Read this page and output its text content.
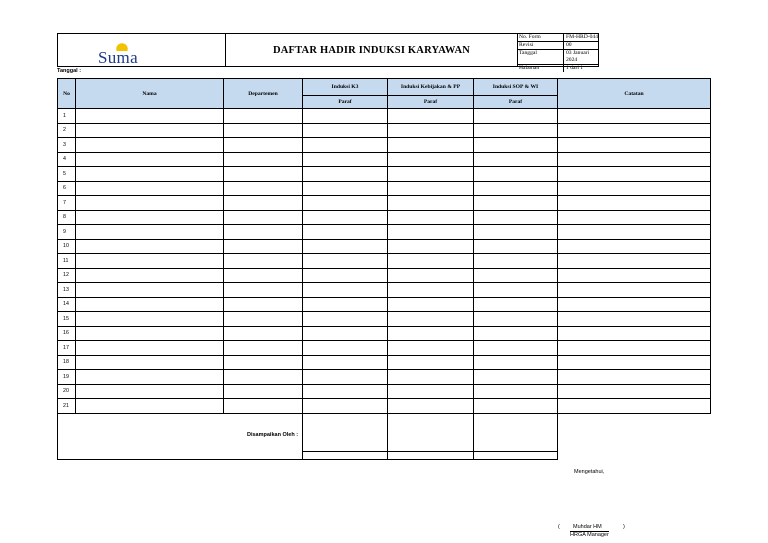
Suma	DAFTAR HADIR INDUKSI KARYAWAN
No. Form	FM-HRD-044
Revisi	00
Tanggal	03 Januari 2024
Halaman	1 dari 1
Tanggal :
No	Nama	Departemen	Induksi K3	Induksi Kebijakan & PP	Induksi SOP & WI	Catatan
			Paraf	Paraf	Paraf	
1						
2						
3						
4						
5						
6						
7						
8						
9						
10						
11						
12						
13						
14						
15						
16						
17						
18						
19						
20						
21						
Disampaikan Oleh :
Mengetahui,
( Muhdar HM	)
HRGA Manager
